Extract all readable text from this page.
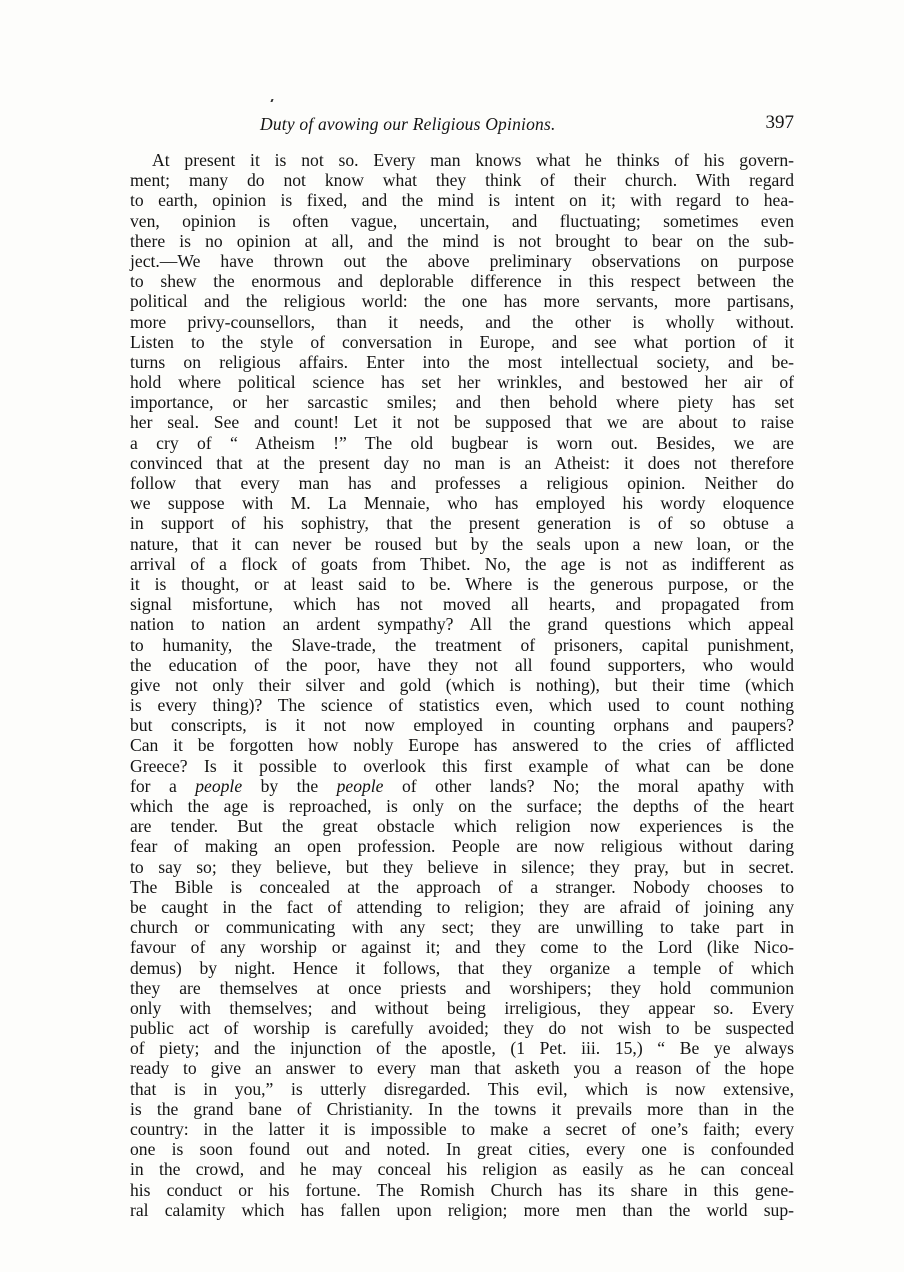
Duty of avowing our Religious Opinions.	397
At present it is not so. Every man knows what he thinks of his govern-
ment; many do not know what they think of their church. With regard
to earth, opinion is fixed, and the mind is intent on it; with regard to hea-
ven, opinion is often vague, uncertain, and fluctuating; sometimes even
there is no opinion at all, and the mind is not brought to bear on the sub-
ject.—We have thrown out the above preliminary observations on purpose
to shew the enormous and deplorable difference in this respect between the
political and the religious world: the one has more servants, more partisans,
more privy-counsellors, than it needs, and the other is wholly without.
Listen to the style of conversation in Europe, and see what portion of it
turns on religious affairs. Enter into the most intellectual society, and be-
hold where political science has set her wrinkles, and bestowed her air of
importance, or her sarcastic smiles; and then behold where piety has set
her seal. See and count! Let it not be supposed that we are about to raise
a cry of “ Atheism !” The old bugbear is worn out. Besides, we are
convinced that at the present day no man is an Atheist: it does not therefore
follow that every man has and professes a religious opinion. Neither do
we suppose with M. La Mennaie, who has employed his wordy eloquence
in support of his sophistry, that the present generation is of so obtuse a
nature, that it can never be roused but by the seals upon a new loan, or the
arrival of a flock of goats from Thibet. No, the age is not as indifferent as
it is thought, or at least said to be. Where is the generous purpose, or the
signal misfortune, which has not moved all hearts, and propagated from
nation to nation an ardent sympathy? All the grand questions which appeal
to humanity, the Slave-trade, the treatment of prisoners, capital punishment,
the education of the poor, have they not all found supporters, who would
give not only their silver and gold (which is nothing), but their time (which
is every thing)? The science of statistics even, which used to count nothing
but conscripts, is it not now employed in counting orphans and paupers?
Can it be forgotten how nobly Europe has answered to the cries of afflicted
Greece? Is it possible to overlook this first example of what can be done
for a people by the people of other lands? No; the moral apathy with
which the age is reproached, is only on the surface; the depths of the heart
are tender. But the great obstacle which religion now experiences is the
fear of making an open profession. People are now religious without daring
to say so; they believe, but they believe in silence; they pray, but in secret.
The Bible is concealed at the approach of a stranger. Nobody chooses to
be caught in the fact of attending to religion; they are afraid of joining any
church or communicating with any sect; they are unwilling to take part in
favour of any worship or against it; and they come to the Lord (like Nico-
demus) by night. Hence it follows, that they organize a temple of which
they are themselves at once priests and worshipers; they hold communion
only with themselves; and without being irreligious, they appear so. Every
public act of worship is carefully avoided; they do not wish to be suspected
of piety; and the injunction of the apostle, (1 Pet. iii. 15,) “ Be ye always
ready to give an answer to every man that asketh you a reason of the hope
that is in you,” is utterly disregarded. This evil, which is now extensive,
is the grand bane of Christianity. In the towns it prevails more than in the
country: in the latter it is impossible to make a secret of one’s faith; every
one is soon found out and noted. In great cities, every one is confounded
in the crowd, and he may conceal his religion as easily as he can conceal
his conduct or his fortune. The Romish Church has its share in this gene-
ral calamity which has fallen upon religion; more men than the world sup-
